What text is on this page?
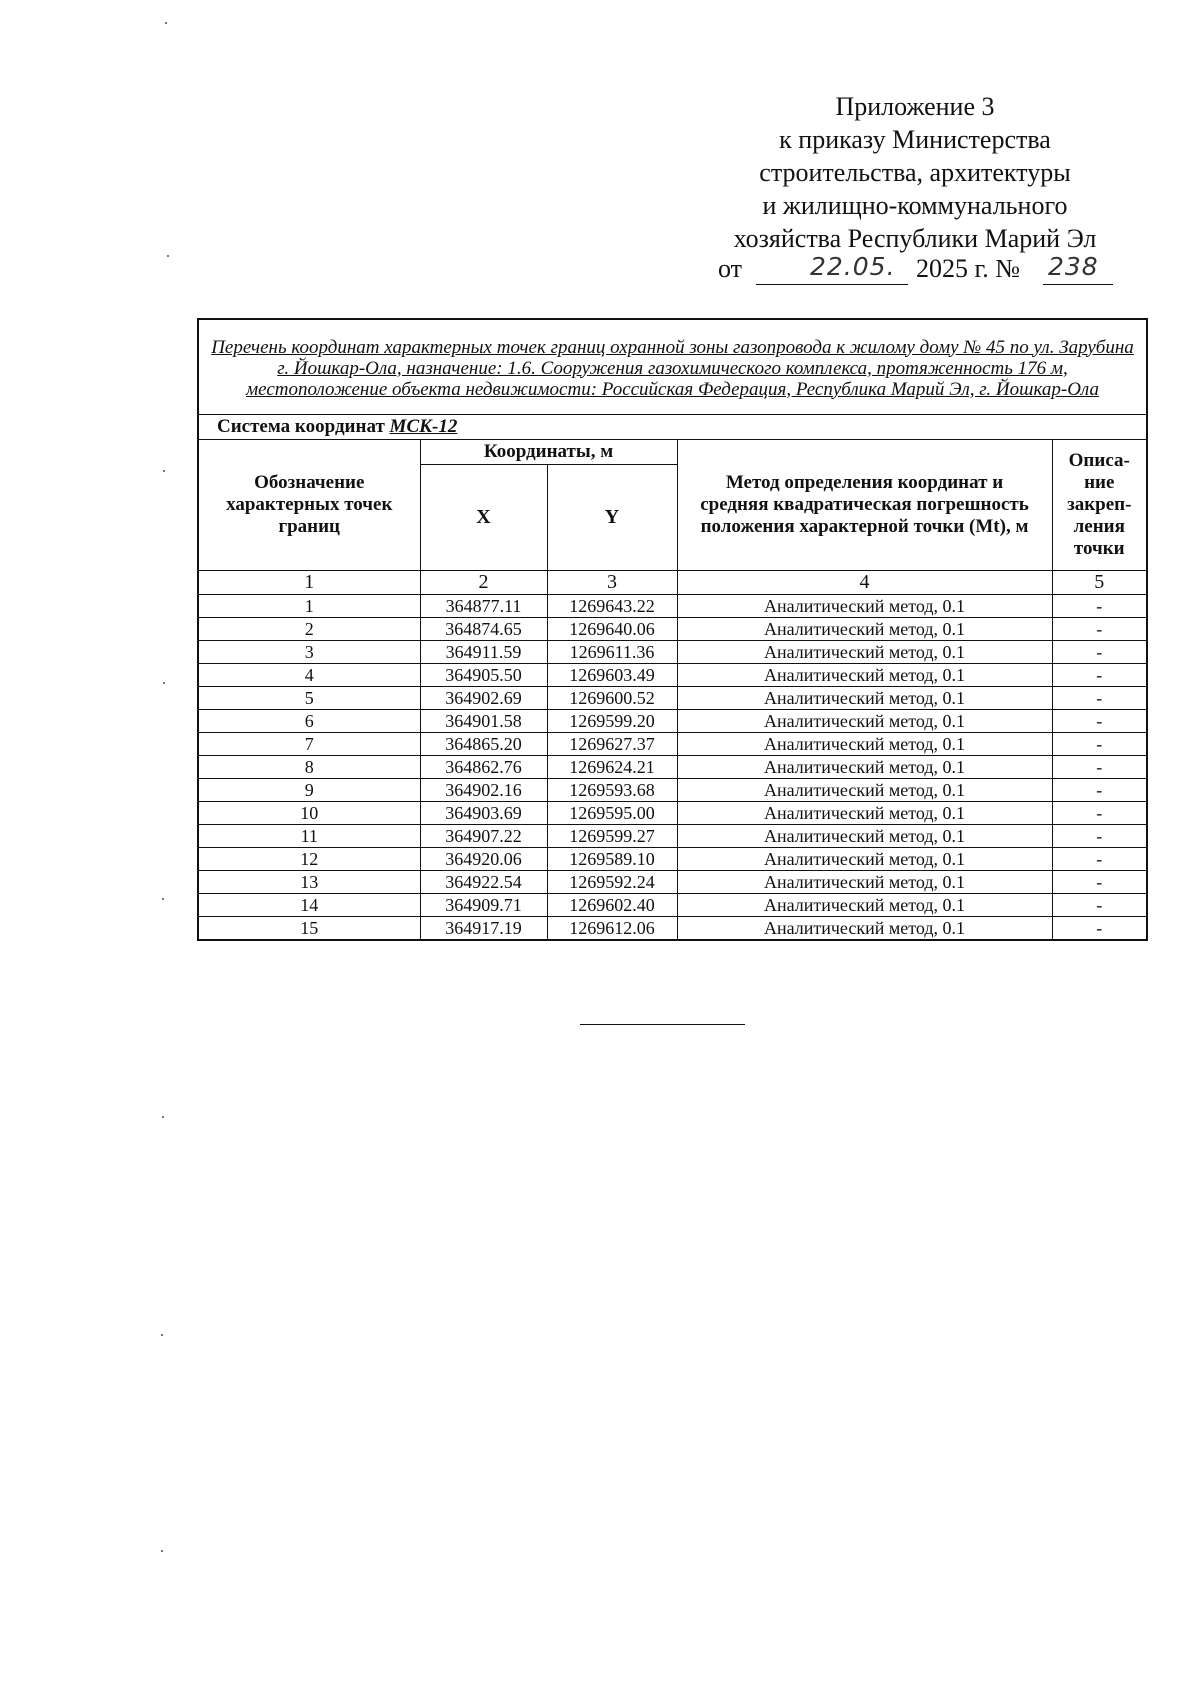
Приложение 3
к приказу Министерства
строительства, архитектуры
и жилищно-коммунального
хозяйства Республики Марий Эл
от	22.05. 2025 г. № 238
Перечень координат характерных точек границ охранной зоны газопровода к жилому дому № 45 по ул. Зарубина г. Йошкар-Ола, назначение: 1.6. Сооружения газохимического комплекса, протяженность 176 м, местоположение объекта недвижимости: Российская Федерация, Республика Марий Эл, г. Йошкар-Ола				
Система координат МСК-12				
Обозначение характерных точек границ	Координаты, м		Метод определения координат и средняя квадратическая погрешность положения характерной точки (Mt), м	Описа-ние закреп-ления точки
	X	Y		
1	2	3	4	5
1	364877.11	1269643.22	Аналитический метод, 0.1	-
2	364874.65	1269640.06	Аналитический метод, 0.1	-
3	364911.59	1269611.36	Аналитический метод, 0.1	-
4	364905.50	1269603.49	Аналитический метод, 0.1	-
5	364902.69	1269600.52	Аналитический метод, 0.1	-
6	364901.58	1269599.20	Аналитический метод, 0.1	-
7	364865.20	1269627.37	Аналитический метод, 0.1	-
8	364862.76	1269624.21	Аналитический метод, 0.1	-
9	364902.16	1269593.68	Аналитический метод, 0.1	-
10	364903.69	1269595.00	Аналитический метод, 0.1	-
11	364907.22	1269599.27	Аналитический метод, 0.1	-
12	364920.06	1269589.10	Аналитический метод, 0.1	-
13	364922.54	1269592.24	Аналитический метод, 0.1	-
14	364909.71	1269602.40	Аналитический метод, 0.1	-
15	364917.19	1269612.06	Аналитический метод, 0.1	-
